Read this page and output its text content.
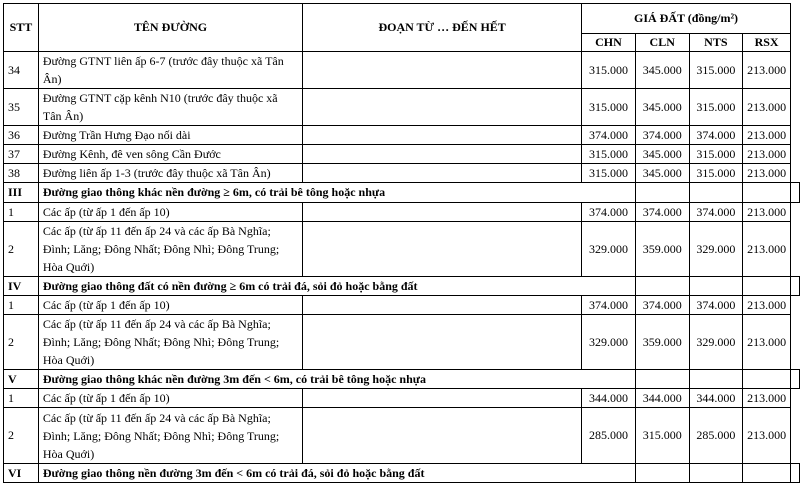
STT	TÊN ĐƯỜNG	ĐOẠN TỪ … ĐẾN HẾT	GIÁ ĐẤT (đồng/m²)				
			CHN	CLN	NTS	RSX	
34	Đường GTNT liên ấp 6-7 (trước đây thuộc xã Tân Ân)		315.000	345.000	315.000	213.000	
35	Đường GTNT cặp kênh N10 (trước đây thuộc xã Tân Ân)		315.000	345.000	315.000	213.000	
36	Đường Trần Hưng Đạo nối dài		374.000	374.000	374.000	213.000	
37	Đường Kênh, đê ven sông Cần Đước		315.000	345.000	315.000	213.000	
38	Đường liên ấp 1-3 (trước đây thuộc xã Tân Ân)		315.000	345.000	315.000	213.000	
III	Đường giao thông khác nền đường ≥ 6m, có trải bê tông hoặc nhựa						
1	Các ấp (từ ấp 1 đến ấp 10)		374.000	374.000	374.000	213.000	
2	Các ấp (từ ấp 11 đến ấp 24 và các ấp Bà Nghĩa; Đình; Lăng; Đông Nhất; Đông Nhì; Đông Trung; Hòa Quới)		329.000	359.000	329.000	213.000	
IV	Đường giao thông đất có nền đường ≥ 6m có trải đá, sỏi đỏ hoặc bằng đất						
1	Các ấp (từ ấp 1 đến ấp 10)		374.000	374.000	374.000	213.000	
2	Các ấp (từ ấp 11 đến ấp 24 và các ấp Bà Nghĩa; Đình; Lăng; Đông Nhất; Đông Nhì; Đông Trung; Hòa Quới)		329.000	359.000	329.000	213.000	
V	Đường giao thông khác nền đường 3m đến < 6m, có trải bê tông hoặc nhựa						
1	Các ấp (từ ấp 1 đến ấp 10)		344.000	344.000	344.000	213.000	
2	Các ấp (từ ấp 11 đến ấp 24 và các ấp Bà Nghĩa; Đình; Lăng; Đông Nhất; Đông Nhì; Đông Trung; Hòa Quới)		285.000	315.000	285.000	213.000	
VI	Đường giao thông nền đường 3m đến < 6m có trải đá, sỏi đỏ hoặc bằng đất						
